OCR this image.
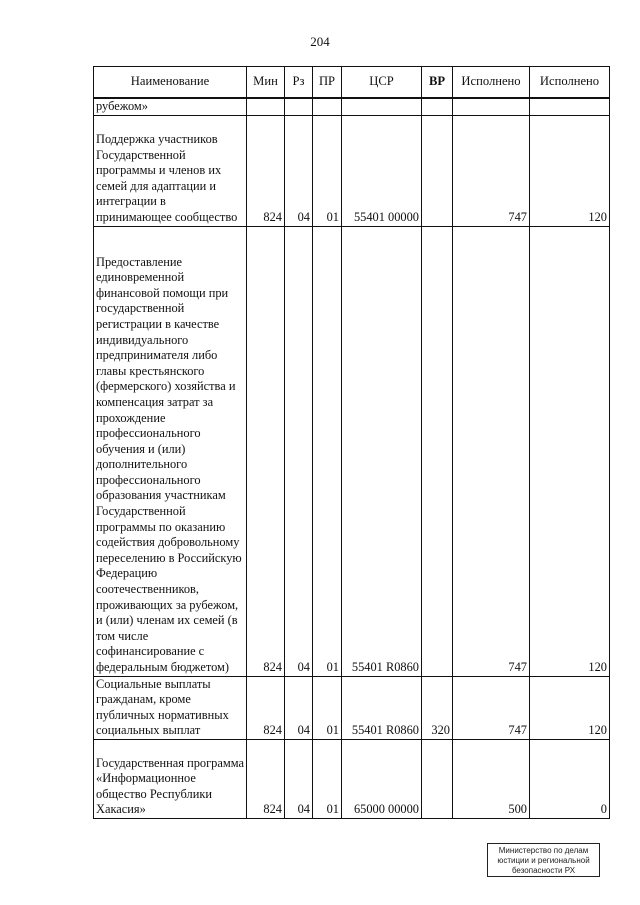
204
Наименование	Мин	Рз	ПР	ЦСР	ВР	Исполнено	Исполнено
рубежом»							
Поддержка участников Государственной программы и членов их семей для адаптации и интеграции в принимающее сообщество	824	04	01	55401 00000		747	120
Предоставление единовременной финансовой помощи при государственной регистрации в качестве индивидуального предпринимателя либо главы крестьянского (фермерского) хозяйства и компенсация затрат за прохождение профессионального обучения и (или) дополнительного профессионального образования участникам Государственной программы по оказанию содействия добровольному переселению в Российскую Федерацию соотечественников, проживающих за рубежом, и (или) членам их семей (в том числе софинансирование с федеральным бюджетом)	824	04	01	55401 R0860		747	120
Социальные выплаты гражданам, кроме публичных нормативных социальных выплат	824	04	01	55401 R0860	320	747	120
Государственная программа «Информационное общество Республики Хакасия»	824	04	01	65000 00000		500	0
Министерство по делам
юстиции и региональной
безопасности РХ
